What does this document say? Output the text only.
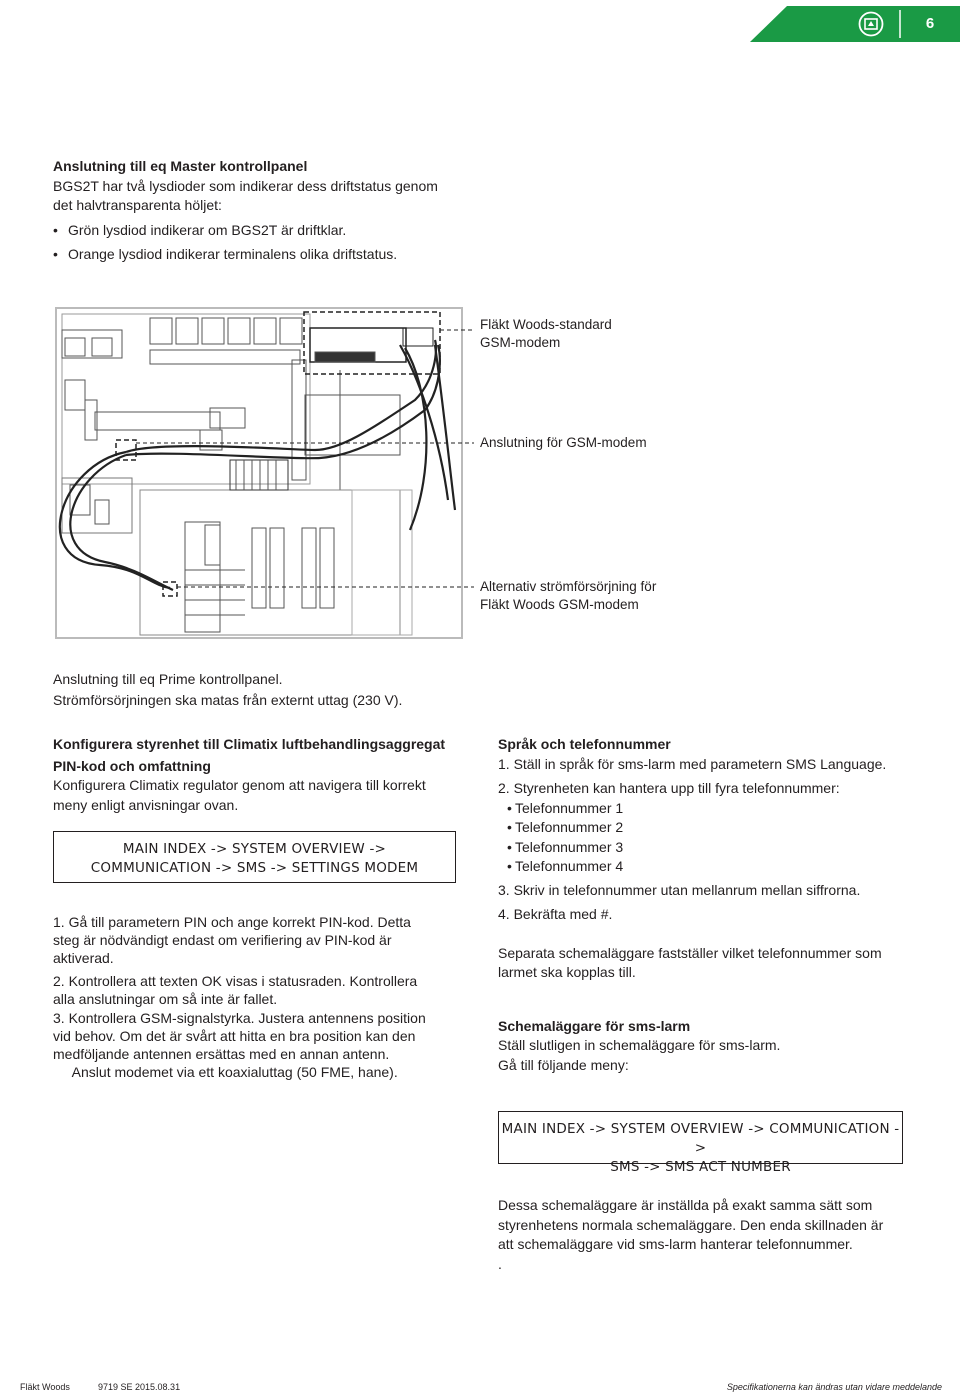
6
Anslutning till eq Master kontrollpanel
BGS2T har två lysdioder som indikerar dess driftstatus genom
det halvtransparenta höljet:
• Grön lysdiod indikerar om BGS2T är driftklar.
• Orange lysdiod indikerar terminalens olika driftstatus.
Fläkt Woods-standard
GSM-modem
Anslutning för GSM-modem
Alternativ strömförsörjning för
Fläkt Woods GSM-modem
Anslutning till eq Prime kontrollpanel.
Strömförsörjningen ska matas från externt uttag (230 V).
Konfigurera styrenhet till Climatix luftbehandlingsaggregat
PIN-kod och omfattning
Konfigurera Climatix regulator genom att navigera till korrekt
meny enligt anvisningar ovan.
MAIN INDEX -> SYSTEM OVERVIEW ->
COMMUNICATION -> SMS -> SETTINGS MODEM
1. Gå till parametern PIN och ange korrekt PIN-kod. Detta
steg är nödvändigt endast om verifiering av PIN-kod är
aktiverad.
2. Kontrollera att texten OK visas i statusraden. Kontrollera
alla anslutningar om så inte är fallet.
3. Kontrollera GSM-signalstyrka. Justera antennens position
vid behov. Om det är svårt att hitta en bra position kan den
medföljande antennen ersättas med en annan antenn.
Anslut modemet via ett koaxialuttag (50 FME, hane).
Språk och telefonnummer
1. Ställ in språk för sms-larm med parametern SMS Language.
2. Styrenheten kan hantera upp till fyra telefonnummer:
• Telefonnummer 1
• Telefonnummer 2
• Telefonnummer 3
• Telefonnummer 4
3. Skriv in telefonnummer utan mellanrum mellan siffrorna.
4. Bekräfta med #.
Separata schemaläggare fastställer vilket telefonnummer som
larmet ska kopplas till.
Schemaläggare för sms-larm
Ställ slutligen in schemaläggare för sms-larm.
Gå till följande meny:
MAIN INDEX -> SYSTEM OVERVIEW -> COMMUNICATION ->
SMS -> SMS ACT NUMBER
Dessa schemaläggare är inställda på exakt samma sätt som
styrenhetens normala schemaläggare. Den enda skillnaden är
att schemaläggare vid sms-larm hanterar telefonnummer.
.
Fläkt Woods	9719 SE 2015.08.31	Specifikationerna kan ändras utan vidare meddelande
